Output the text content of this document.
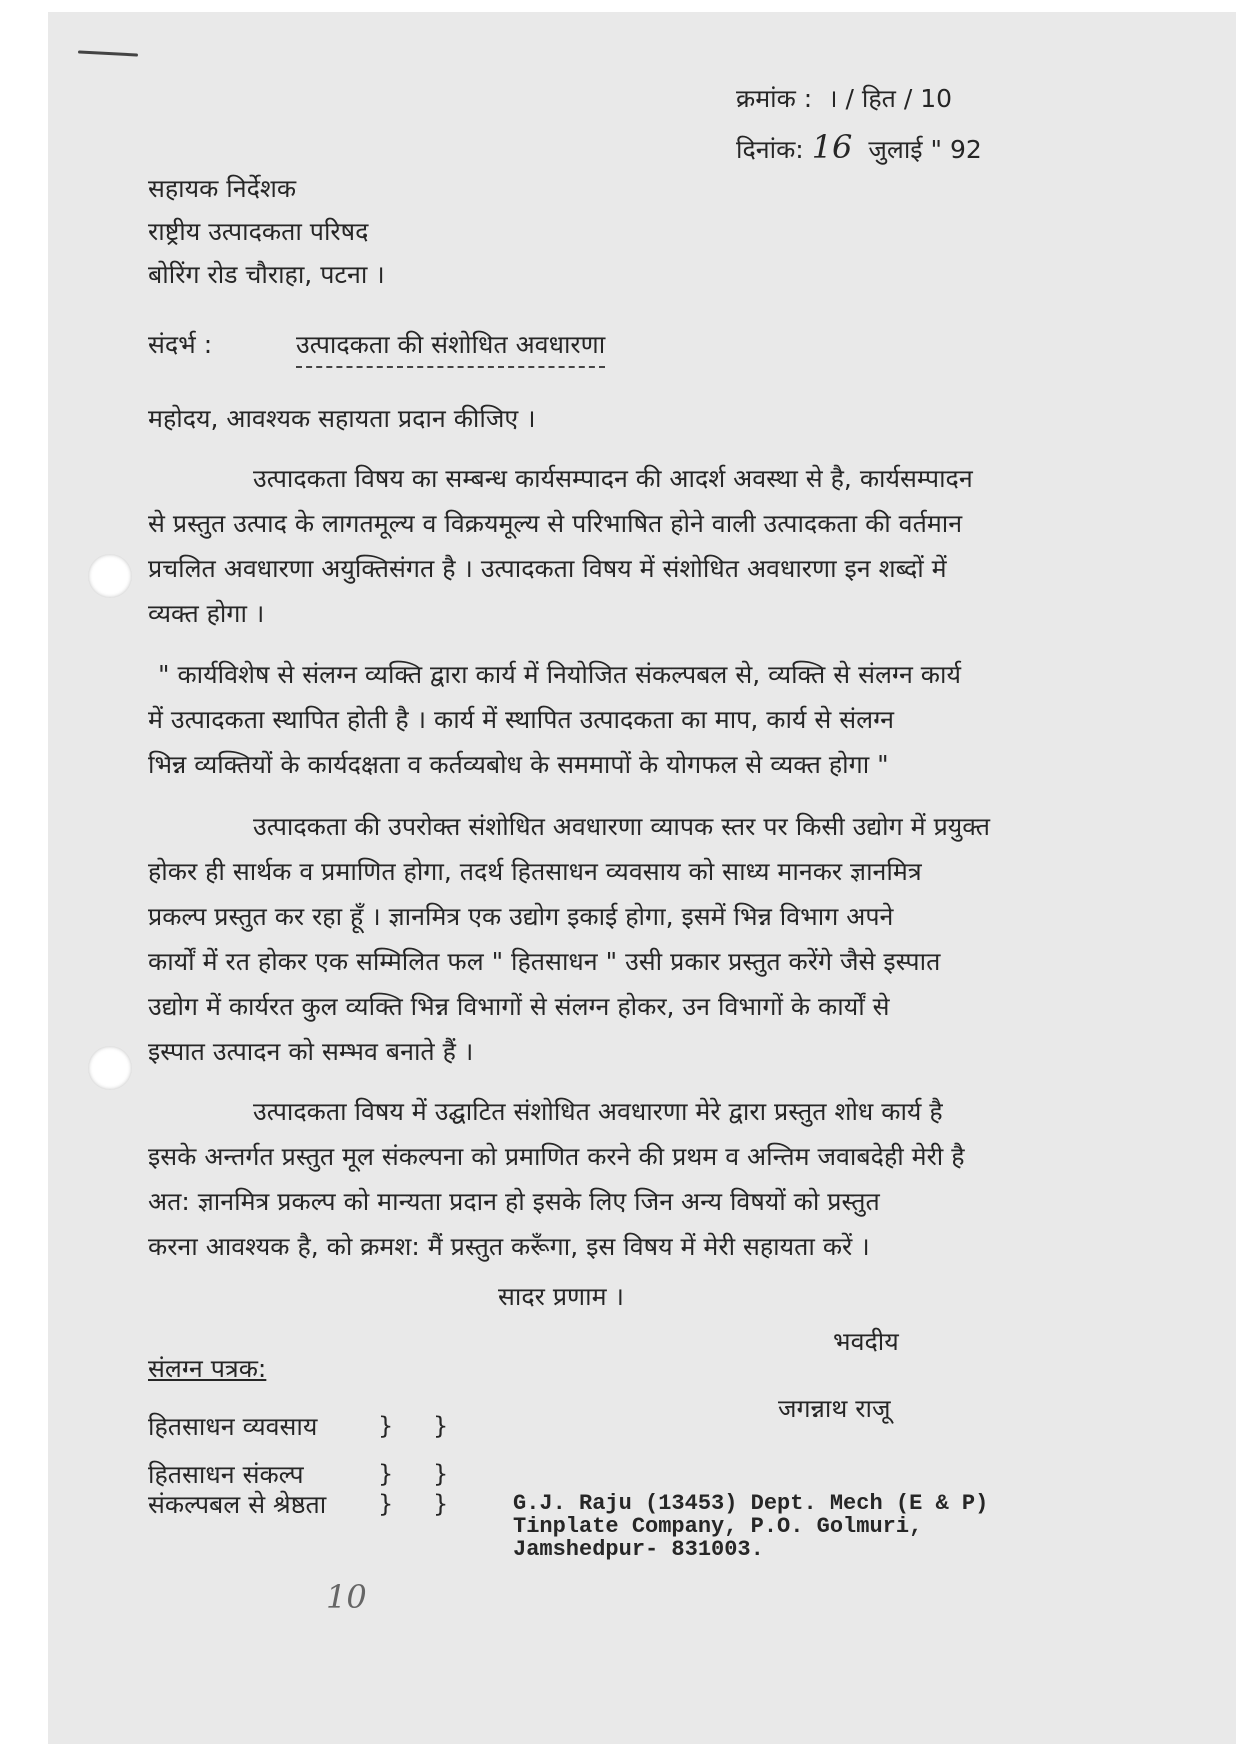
क्रमांक : । / हित / 10
दिनांक: 16 जुलाई " 92
सहायक निर्देशक
राष्ट्रीय उत्पादकता परिषद
बोरिंग रोड चौराहा, पटना ।
संदर्भ :	उत्पादकता की संशोधित अवधारणा
महोदय, आवश्यक सहायता प्रदान कीजिए ।
उत्पादकता विषय का सम्बन्ध कार्यसम्पादन की आदर्श अवस्था से है, कार्यसम्पादन
से प्रस्तुत उत्पाद के लागतमूल्य व विक्रयमूल्य से परिभाषित होने वाली उत्पादकता की वर्तमान
प्रचलित अवधारणा अयुक्तिसंगत है । उत्पादकता विषय में संशोधित अवधारणा इन शब्दों में
व्यक्त होगा ।
" कार्यविशेष से संलग्न व्यक्ति द्वारा कार्य में नियोजित संकल्पबल से, व्यक्ति से संलग्न कार्य
में उत्पादकता स्थापित होती है । कार्य में स्थापित उत्पादकता का माप, कार्य से संलग्न
भिन्न व्यक्तियों के कार्यदक्षता व कर्तव्यबोध के सममापों के योगफल से व्यक्त होगा "
उत्पादकता की उपरोक्त संशोधित अवधारणा व्यापक स्तर पर किसी उद्योग में प्रयुक्त
होकर ही सार्थक व प्रमाणित होगा, तदर्थ हितसाधन व्यवसाय को साध्य मानकर ज्ञानमित्र
प्रकल्प प्रस्तुत कर रहा हूँ । ज्ञानमित्र एक उद्योग इकाई होगा, इसमें भिन्न विभाग अपने
कार्यों में रत होकर एक सम्मिलित फल " हितसाधन " उसी प्रकार प्रस्तुत करेंगे जैसे इस्पात
उद्योग में कार्यरत कुल व्यक्ति भिन्न विभागों से संलग्न होकर, उन विभागों के कार्यों से
इस्पात उत्पादन को सम्भव बनाते हैं ।
उत्पादकता विषय में उद्घाटित संशोधित अवधारणा मेरे द्वारा प्रस्तुत शोध कार्य है
इसके अन्तर्गत प्रस्तुत मूल संकल्पना को प्रमाणित करने की प्रथम व अन्तिम जवाबदेही मेरी है
अत: ज्ञानमित्र प्रकल्प को मान्यता प्रदान हो इसके लिए जिन अन्य विषयों को प्रस्तुत
करना आवश्यक है, को क्रमश: मैं प्रस्तुत करूँगा, इस विषय में मेरी सहायता करें ।
सादर प्रणाम ।
भवदीय
संलग्न पत्रक:
हितसाधन व्यवसाय
हितसाधन संकल्प
संकल्पबल से श्रेष्ठता
} }
} }
} }
जगन्नाथ राजू
G.J. Raju (13453) Dept. Mech (E & P)
Tinplate Company, P.O. Golmuri,
Jamshedpur- 831003.
10
